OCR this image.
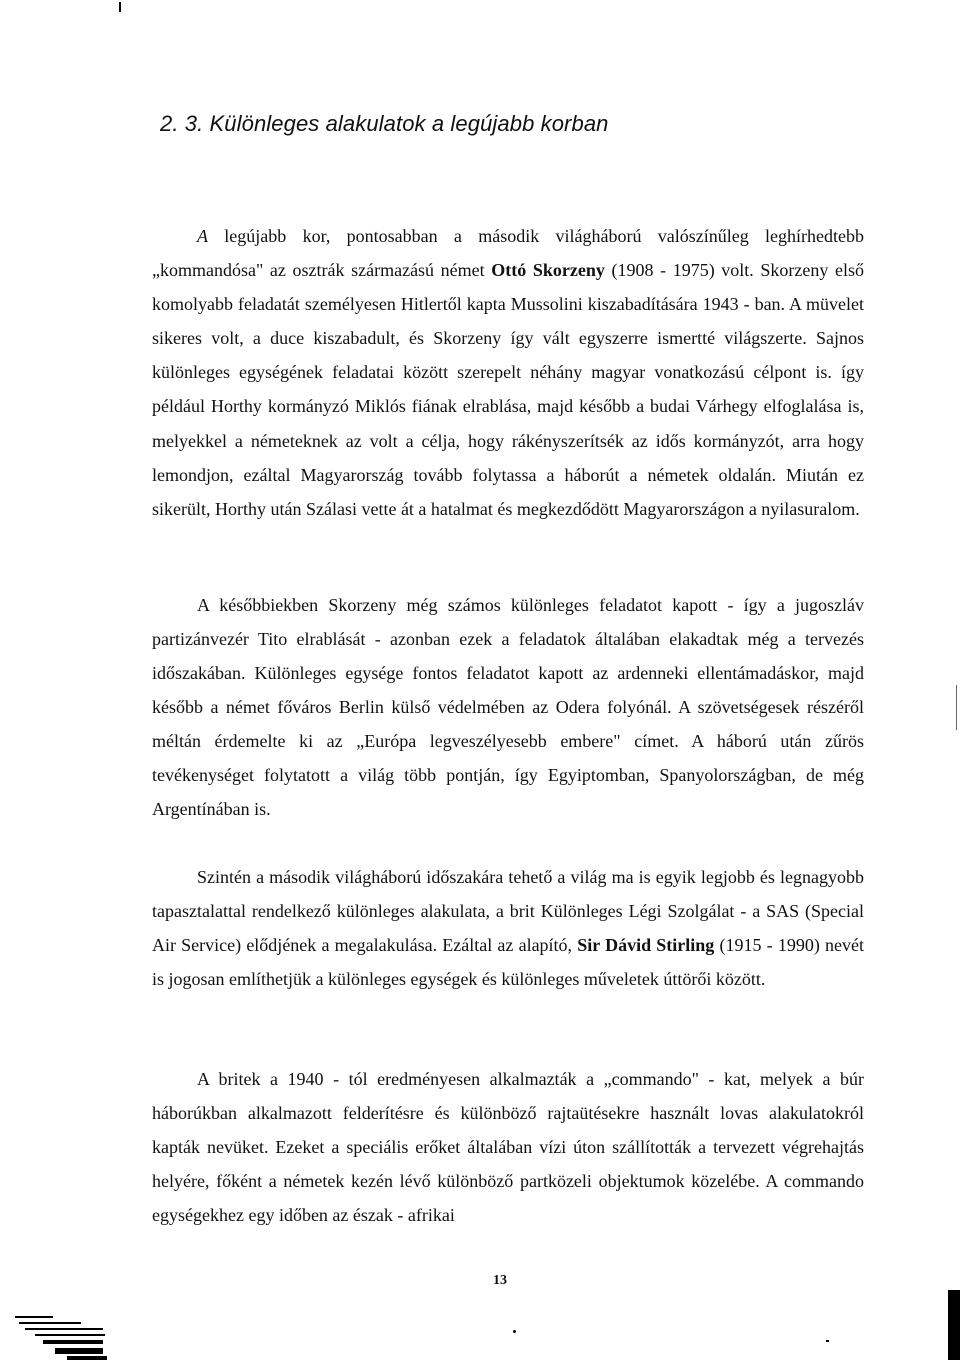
2. 3. Különleges alakulatok a legújabb korban

A legújabb kor, pontosabban a második világháború valószínűleg leghírhedtebb „kommandósa" az osztrák származású német Ottó Skorzeny (1908 - 1975) volt. Skorzeny első komolyabb feladatát személyesen Hitlertől kapta Mussolini kiszabadítására 1943 - ban. A müvelet sikeres volt, a duce kiszabadult, és Skorzeny így vált egyszerre ismertté világszerte. Sajnos különleges egységének feladatai között szerepelt néhány magyar vonatkozású célpont is. így például Horthy kormányzó Miklós fiának elrablása, majd később a budai Várhegy elfoglalása is, melyekkel a németeknek az volt a célja, hogy rákényszerítsék az idős kormányzót, arra hogy lemondjon, ezáltal Magyarország tovább folytassa a háborút a németek oldalán. Miután ez sikerült, Horthy után Szálasi vette át a hatalmat és megkezdődött Magyarországon a nyilasuralom.

A későbbiekben Skorzeny még számos különleges feladatot kapott - így a jugoszláv partizánvezér Tito elrablását - azonban ezek a feladatok általában elakadtak még a tervezés időszakában. Különleges egysége fontos feladatot kapott az ardenneki ellentámadáskor, majd később a német főváros Berlin külső védelmében az Odera folyónál. A szövetségesek részéről méltán érdemelte ki az „Európa legveszélyesebb embere" címet. A háború után zűrös tevékenységet folytatott a világ több pontján, így Egyiptomban, Spanyolországban, de még Argentínában is.

Szintén a második világháború időszakára tehető a világ ma is egyik legjobb és legnagyobb tapasztalattal rendelkező különleges alakulata, a brit Különleges Légi Szolgálat - a SAS (Special Air Service) elődjének a megalakulása. Ezáltal az alapító, Sir Dávid Stirling (1915 - 1990) nevét is jogosan említhetjük a különleges egységek és különleges műveletek úttörői között.

A britek a 1940 - tól eredményesen alkalmazták a „commando" - kat, melyek a búr háborúkban alkalmazott felderítésre és különböző rajtaütésekre használt lovas alakulatokról kapták nevüket. Ezeket a speciális erőket általában vízi úton szállították a tervezett végrehajtás helyére, főként a németek kezén lévő különböző partközeli objektumok közelébe. A commando egységekhez egy időben az észak - afrikai

13
